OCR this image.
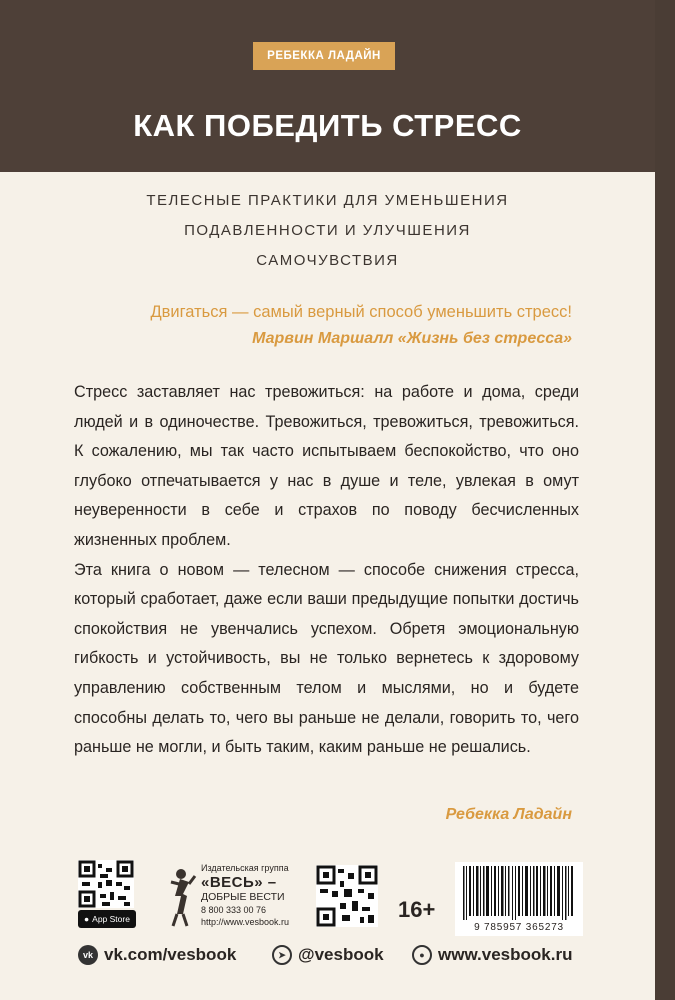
РЕБЕККА ЛАДАЙН
КАК ПОБЕДИТЬ СТРЕСС
ТЕЛЕСНЫЕ ПРАКТИКИ ДЛЯ УМЕНЬШЕНИЯ
ПОДАВЛЕННОСТИ И УЛУЧШЕНИЯ
САМОЧУВСТВИЯ
Двигаться — самый верный способ уменьшить стресс!
Марвин Маршалл «Жизнь без стресса»

Стресс заставляет нас тревожиться: на работе и дома, среди людей и в одиночестве. Тревожиться, тревожиться, тревожиться. К сожалению, мы так часто испытываем беспокойство, что оно глубоко отпечатывается у нас в душе и теле, увлекая в омут неуверенности в себе и страхов по поводу бесчисленных жизненных проблем.

Эта книга о новом — телесном — способе снижения стресса, который сработает, даже если ваши предыдущие попытки достичь спокойствия не увенчались успехом. Обретя эмоциональную гибкость и устойчивость, вы не только вернетесь к здоровому управлению собственным телом и мыслями, но и будете способны делать то, чего вы раньше не делали, говорить то, чего раньше не могли, и быть таким, каким раньше не решались.

Ребекка Ладайн
● App Store
Издательская группа
«ВЕСЬ» –
ДОБРЫЕ ВЕСТИ
8 800 333 00 76
http://www.vesbook.ru	16+
9 785957 365273
vk vk.com/vesbook	➤ @vesbook	● www.vesbook.ru
